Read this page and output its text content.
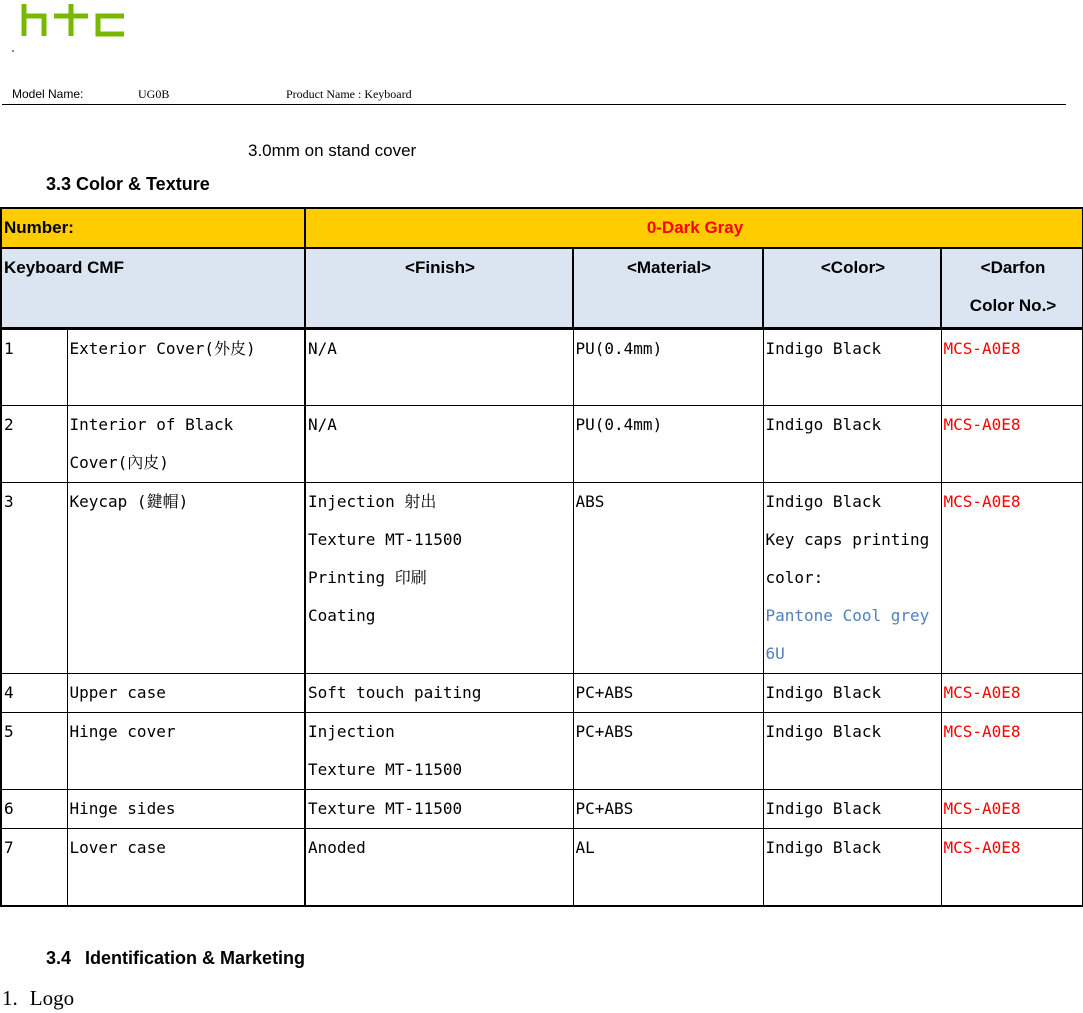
Model Name:	UG0B	Product Name : Keyboard
3.0mm on stand cover
3.3 Color & Texture
Number:		0-Dark Gray			
Keyboard CMF		<Finish>	<Material>	<Color>	<Darfon
Color No.>

1	Exterior Cover(外皮)	N/A	PU(0.4mm)	Indigo Black	MCS-A0E8
2	Interior of Black
Cover(內皮)	N/A	PU(0.4mm)	Indigo Black	MCS-A0E8
3	Keycap (鍵帽)	Injection 射出
Texture MT-11500
Printing 印刷
Coating	ABS	Indigo Black
Key caps printing
color:
Pantone Cool grey
6U	MCS-A0E8
4	Upper case	Soft touch paiting	PC+ABS	Indigo Black	MCS-A0E8
5	Hinge cover	Injection
Texture MT-11500	PC+ABS	Indigo Black	MCS-A0E8
6	Hinge sides	Texture MT-11500	PC+ABS	Indigo Black	MCS-A0E8
7	Lover case	Anoded	AL	Indigo Black	MCS-A0E8
3.4 Identification & Marketing
1. Logo
